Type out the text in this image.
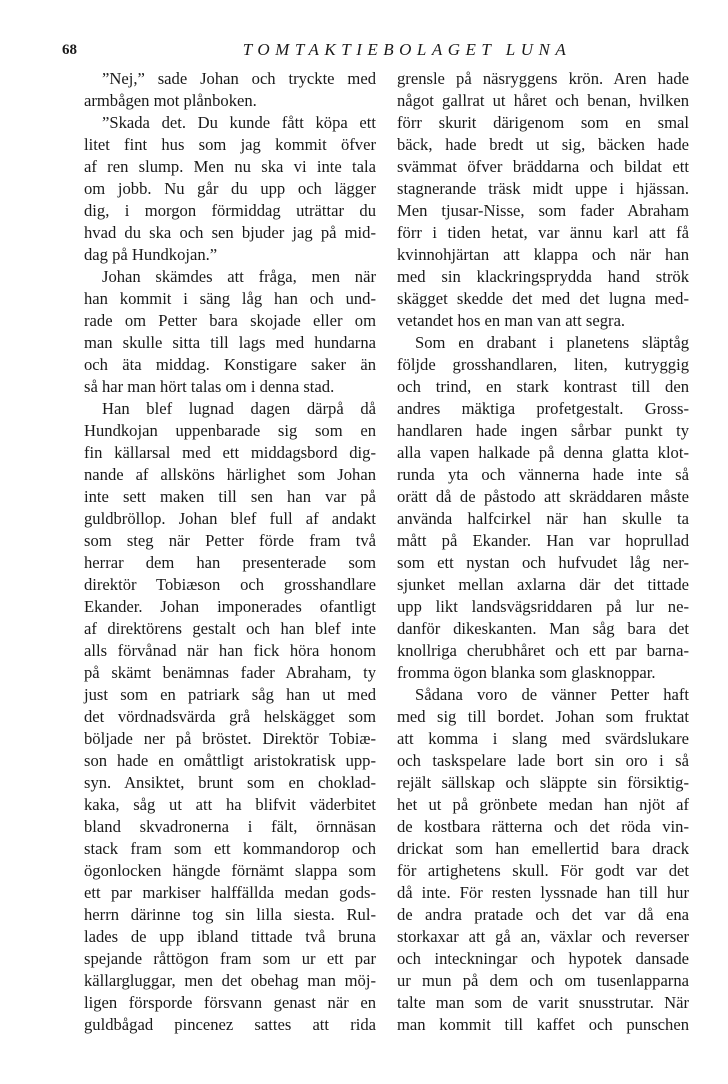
68	TOMTAKTIEBOLAGET LUNA
”Nej,” sade Johan och tryckte med
armbågen mot plånboken.
”Skada det. Du kunde fått köpa ett
litet fint hus som jag kommit öfver
af ren slump. Men nu ska vi inte tala
om jobb. Nu går du upp och lägger
dig, i morgon förmiddag uträttar du
hvad du ska och sen bjuder jag på mid-
dag på Hundkojan.”
Johan skämdes att fråga, men när
han kommit i säng låg han och und-
rade om Petter bara skojade eller om
man skulle sitta till lags med hundarna
och äta middag. Konstigare saker än
så har man hört talas om i denna stad.
Han blef lugnad dagen därpå då
Hundkojan uppenbarade sig som en
fin källarsal med ett middagsbord dig-
nande af allsköns härlighet som Johan
inte sett maken till sen han var på
guldbröllop. Johan blef full af andakt
som steg när Petter förde fram två
herrar dem han presenterade som
direktör Tobiæson och grosshandlare
Ekander. Johan imponerades ofantligt
af direktörens gestalt och han blef inte
alls förvånad när han fick höra honom
på skämt benämnas fader Abraham, ty
just som en patriark såg han ut med
det vördnadsvärda grå helskägget som
böljade ner på bröstet. Direktör Tobiæ-
son hade en omåttligt aristokratisk upp-
syn. Ansiktet, brunt som en choklad-
kaka, såg ut att ha blifvit väderbitet
bland skvadronerna i fält, örnnäsan
stack fram som ett kommandorop och
ögonlocken hängde förnämt slappa som
ett par markiser halffällda medan gods-
herrn därinne tog sin lilla siesta. Rul-
lades de upp ibland tittade två bruna
spejande råttögon fram som ur ett par
källargluggar, men det obehag man möj-
ligen försporde försvann genast när en
guldbågad pincenez sattes att rida
grensle på näsryggens krön. Aren hade
något gallrat ut håret och benan, hvilken
förr skurit därigenom som en smal
bäck, hade bredt ut sig, bäcken hade
svämmat öfver bräddarna och bildat ett
stagnerande träsk midt uppe i hjässan.
Men tjusar-Nisse, som fader Abraham
förr i tiden hetat, var ännu karl att få
kvinnohjärtan att klappa och när han
med sin klackringsprydda hand strök
skägget skedde det med det lugna med-
vetandet hos en man van att segra.
Som en drabant i planetens släptåg
följde grosshandlaren, liten, kutryggig
och trind, en stark kontrast till den
andres mäktiga profetgestalt. Gross-
handlaren hade ingen sårbar punkt ty
alla vapen halkade på denna glatta klot-
runda yta och vännerna hade inte så
orätt då de påstodo att skräddaren måste
använda halfcirkel när han skulle ta
mått på Ekander. Han var hoprullad
som ett nystan och hufvudet låg ner-
sjunket mellan axlarna där det tittade
upp likt landsvägsriddaren på lur ne-
danför dikeskanten. Man såg bara det
knollriga cherubhåret och ett par barna-
fromma ögon blanka som glasknoppar.
Sådana voro de vänner Petter haft
med sig till bordet. Johan som fruktat
att komma i slang med svärdslukare
och taskspelare lade bort sin oro i så
rejält sällskap och släppte sin försiktig-
het ut på grönbete medan han njöt af
de kostbara rätterna och det röda vin-
drickat som han emellertid bara drack
för artighetens skull. För godt var det
då inte. För resten lyssnade han till hur
de andra pratade och det var då ena
storkaxar att gå an, växlar och reverser
och inteckningar och hypotek dansade
ur mun på dem och om tusenlapparna
talte man som de varit snusstrutar. När
man kommit till kaffet och punschen
